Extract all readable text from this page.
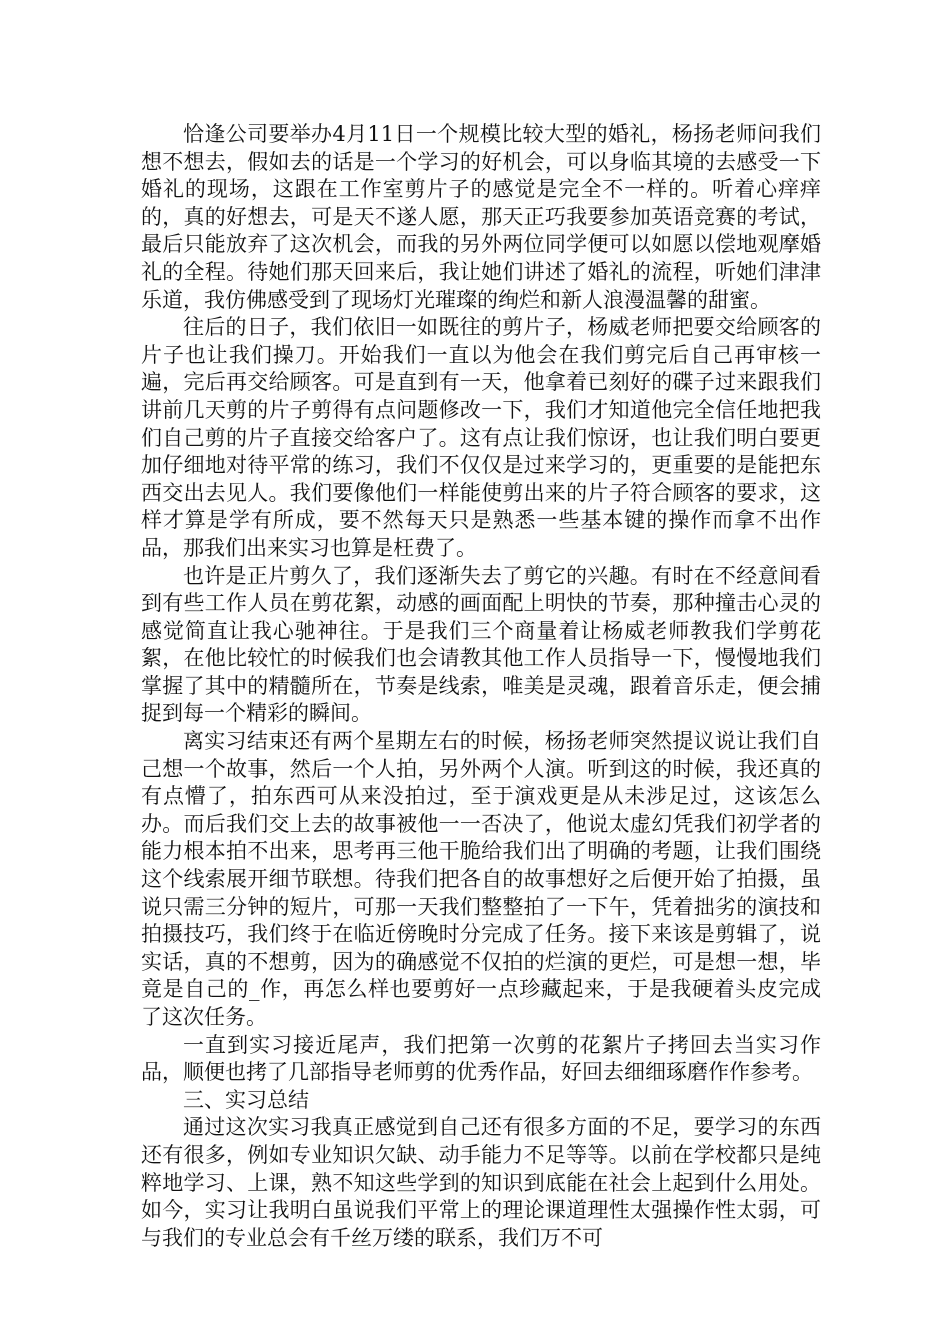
恰逢公司要举办4月11日一个规模比较大型的婚礼，杨扬老师问我们想不想去，假如去的话是一个学习的好机会，可以身临其境的去感受一下婚礼的现场，这跟在工作室剪片子的感觉是完全不一样的。听着心痒痒的，真的好想去，可是天不遂人愿，那天正巧我要参加英语竞赛的考试，最后只能放弃了这次机会，而我的另外两位同学便可以如愿以偿地观摩婚礼的全程。待她们那天回来后，我让她们讲述了婚礼的流程，听她们津津乐道，我仿佛感受到了现场灯光璀璨的绚烂和新人浪漫温馨的甜蜜。

往后的日子，我们依旧一如既往的剪片子，杨威老师把要交给顾客的片子也让我们操刀。开始我们一直以为他会在我们剪完后自己再审核一遍，完后再交给顾客。可是直到有一天，他拿着已刻好的碟子过来跟我们讲前几天剪的片子剪得有点问题修改一下，我们才知道他完全信任地把我们自己剪的片子直接交给客户了。这有点让我们惊讶，也让我们明白要更加仔细地对待平常的练习，我们不仅仅是过来学习的，更重要的是能把东西交出去见人。我们要像他们一样能使剪出来的片子符合顾客的要求，这样才算是学有所成，要不然每天只是熟悉一些基本键的操作而拿不出作品，那我们出来实习也算是枉费了。

也许是正片剪久了，我们逐渐失去了剪它的兴趣。有时在不经意间看到有些工作人员在剪花絮，动感的画面配上明快的节奏，那种撞击心灵的感觉简直让我心驰神往。于是我们三个商量着让杨威老师教我们学剪花絮，在他比较忙的时候我们也会请教其他工作人员指导一下，慢慢地我们掌握了其中的精髓所在，节奏是线索，唯美是灵魂，跟着音乐走，便会捕捉到每一个精彩的瞬间。

离实习结束还有两个星期左右的时候，杨扬老师突然提议说让我们自己想一个故事，然后一个人拍，另外两个人演。听到这的时候，我还真的有点懵了，拍东西可从来没拍过，至于演戏更是从未涉足过，这该怎么办。而后我们交上去的故事被他一一否决了，他说太虚幻凭我们初学者的能力根本拍不出来，思考再三他干脆给我们出了明确的考题，让我们围绕这个线索展开细节联想。待我们把各自的故事想好之后便开始了拍摄，虽说只需三分钟的短片，可那一天我们整整拍了一下午，凭着拙劣的演技和拍摄技巧，我们终于在临近傍晚时分完成了任务。接下来该是剪辑了，说实话，真的不想剪，因为的确感觉不仅拍的烂演的更烂，可是想一想，毕竟是自己的_作，再怎么样也要剪好一点珍藏起来，于是我硬着头皮完成了这次任务。

一直到实习接近尾声，我们把第一次剪的花絮片子拷回去当实习作品，顺便也拷了几部指导老师剪的优秀作品，好回去细细琢磨作作参考。

三、实习总结

通过这次实习我真正感觉到自己还有很多方面的不足，要学习的东西还有很多，例如专业知识欠缺、动手能力不足等等。以前在学校都只是纯粹地学习、上课，熟不知这些学到的知识到底能在社会上起到什么用处。如今，实习让我明白虽说我们平常上的理论课道理性太强操作性太弱，可与我们的专业总会有千丝万缕的联系，我们万不可
